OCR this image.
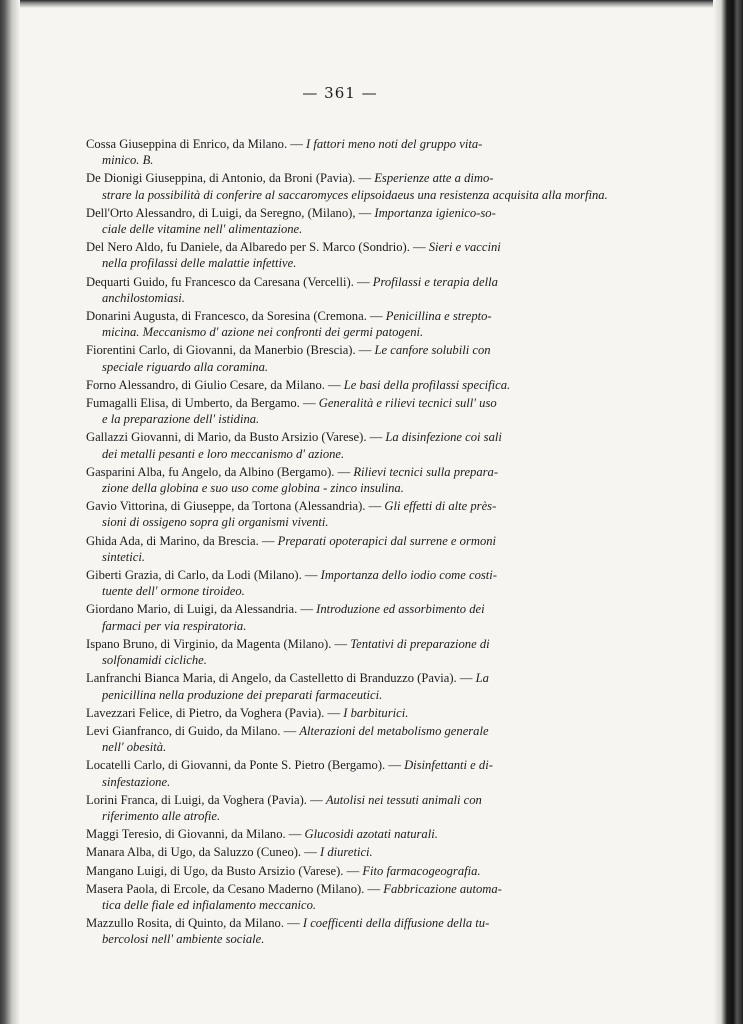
— 361 —
Cossa Giuseppina di Enrico, da Milano. — I fattori meno noti del gruppo vita-
minico. B.
De Dionigi Giuseppina, di Antonio, da Broni (Pavia). — Esperienze atte a dimo-
strare la possibilità di conferire al saccaromyces elipsoidaeus una resistenza acquisita alla morfina.
Dell'Orto Alessandro, di Luigi, da Seregno, (Milano), — Importanza igienico-so-
ciale delle vitamine nell' alimentazione.
Del Nero Aldo, fu Daniele, da Albaredo per S. Marco (Sondrio). — Sieri e vaccini
nella profilassi delle malattie infettive.
Dequarti Guido, fu Francesco da Caresana (Vercelli). — Profilassi e terapia della
anchilostomiasi.
Donarini Augusta, di Francesco, da Soresina (Cremona. — Penicillina e strepto-
micina. Meccanismo d' azione nei confronti dei germi patogeni.
Fiorentini Carlo, di Giovanni, da Manerbio (Brescia). — Le canfore solubili con
speciale riguardo alla coramina.
Forno Alessandro, di Giulio Cesare, da Milano. — Le basi della profilassi specifica.
Fumagalli Elisa, di Umberto, da Bergamo. — Generalità e rilievi tecnici sull' uso
e la preparazione dell' istidina.
Gallazzi Giovanni, di Mario, da Busto Arsizio (Varese). — La disinfezione coi sali
dei metalli pesanti e loro meccanismo d' azione.
Gasparini Alba, fu Angelo, da Albino (Bergamo). — Rilievi tecnici sulla prepara-
zione della globina e suo uso come globina - zinco insulina.
Gavio Vittorina, di Giuseppe, da Tortona (Alessandria). — Gli effetti di alte près-
sioni di ossigeno sopra gli organismi viventi.
Ghida Ada, di Marino, da Brescia. — Preparati opoterapici dal surrene e ormoni
sintetici.
Giberti Grazia, di Carlo, da Lodi (Milano). — Importanza dello iodio come costi-
tuente dell' ormone tiroideo.
Giordano Mario, di Luigi, da Alessandria. — Introduzione ed assorbimento dei
farmaci per via respiratoria.
Ispano Bruno, di Virginio, da Magenta (Milano). — Tentativi di preparazione di
solfonamidi cicliche.
Lanfranchi Bianca Maria, di Angelo, da Castelletto di Branduzzo (Pavia). — La
penicillina nella produzione dei preparati farmaceutici.
Lavezzari Felice, di Pietro, da Voghera (Pavia). — I barbiturici.
Levi Gianfranco, di Guido, da Milano. — Alterazioni del metabolismo generale
nell' obesità.
Locatelli Carlo, di Giovanni, da Ponte S. Pietro (Bergamo). — Disinfettanti e di-
sinfestazione.
Lorini Franca, di Luigi, da Voghera (Pavia). — Autolisi nei tessuti animali con
riferimento alle atrofie.
Maggi Teresio, di Giovanni, da Milano. — Glucosidi azotati naturali.
Manara Alba, di Ugo, da Saluzzo (Cuneo). — I diuretici.
Mangano Luigi, di Ugo, da Busto Arsizio (Varese). — Fito farmacogeografia.
Masera Paola, di Ercole, da Cesano Maderno (Milano). — Fabbricazione automa-
tica delle fiale ed infialamento meccanico.
Mazzullo Rosita, di Quinto, da Milano. — I coefficenti della diffusione della tu-
bercolosi nell' ambiente sociale.
